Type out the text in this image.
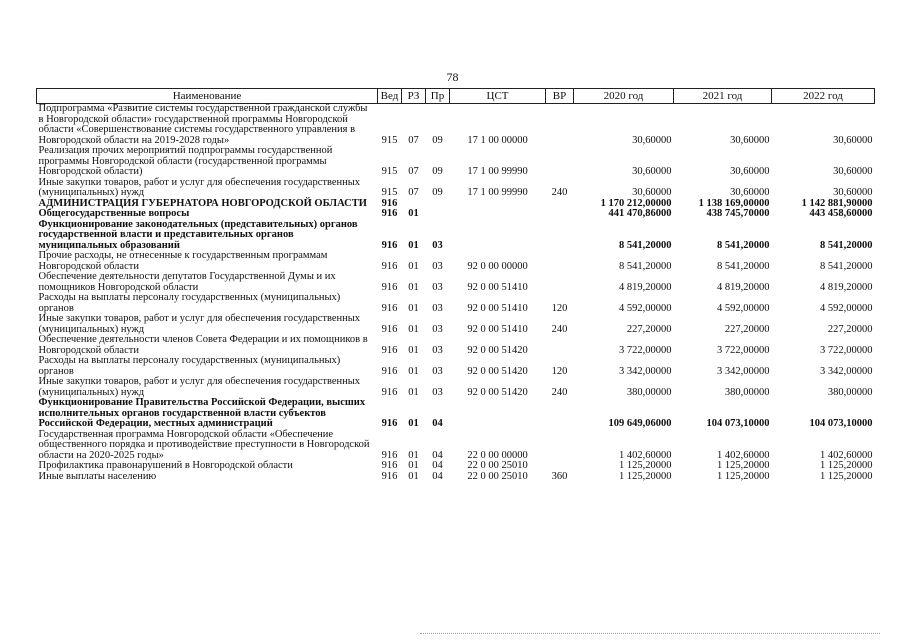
78
Наименование	Вед	РЗ	Пр	ЦСТ	ВР	2020 год	2021 год	2022 год
Подпрограмма «Развитие системы государственной гражданской службы в Новгородской области» государственной программы Новгородской области «Совершенствование системы государственного управления в Новгородской области на 2019-2028 годы»	915	07	09	17 1 00 00000		30,60000	30,60000	30,60000
Реализация прочих мероприятий подпрограммы государственной программы Новгородской области (государственной программы Новгородской области)	915	07	09	17 1 00 99990		30,60000	30,60000	30,60000
Иные закупки товаров, работ и услуг для обеспечения государственных (муниципальных) нужд	915	07	09	17 1 00 99990	240	30,60000	30,60000	30,60000
АДМИНИСТРАЦИЯ ГУБЕРНАТОРА НОВГОРОДСКОЙ ОБЛАСТИ	916					1 170 212,00000	1 138 169,00000	1 142 881,90000
Общегосударственные вопросы	916	01				441 470,86000	438 745,70000	443 458,60000
Функционирование законодательных (представительных) органов государственной власти и представительных органов муниципальных образований	916	01	03			8 541,20000	8 541,20000	8 541,20000
Прочие расходы, не отнесенные к государственным программам Новгородской области	916	01	03	92 0 00 00000		8 541,20000	8 541,20000	8 541,20000
Обеспечение деятельности депутатов Государственной Думы и их помощников Новгородской области	916	01	03	92 0 00 51410		4 819,20000	4 819,20000	4 819,20000
Расходы на выплаты персоналу государственных (муниципальных) органов	916	01	03	92 0 00 51410	120	4 592,00000	4 592,00000	4 592,00000
Иные закупки товаров, работ и услуг для обеспечения государственных (муниципальных) нужд	916	01	03	92 0 00 51410	240	227,20000	227,20000	227,20000
Обеспечение деятельности членов Совета Федерации и их помощников в Новгородской области	916	01	03	92 0 00 51420		3 722,00000	3 722,00000	3 722,00000
Расходы на выплаты персоналу государственных (муниципальных) органов	916	01	03	92 0 00 51420	120	3 342,00000	3 342,00000	3 342,00000
Иные закупки товаров, работ и услуг для обеспечения государственных (муниципальных) нужд	916	01	03	92 0 00 51420	240	380,00000	380,00000	380,00000
Функционирование Правительства Российской Федерации, высших исполнительных органов государственной власти субъектов Российской Федерации, местных администраций	916	01	04			109 649,06000	104 073,10000	104 073,10000
Государственная программа Новгородской области «Обеспечение общественного порядка и противодействие преступности в Новгородской области на 2020-2025 годы»	916	01	04	22 0 00 00000		1 402,60000	1 402,60000	1 402,60000
Профилактика правонарушений в Новгородской области	916	01	04	22 0 00 25010		1 125,20000	1 125,20000	1 125,20000
Иные выплаты населению	916	01	04	22 0 00 25010	360	1 125,20000	1 125,20000	1 125,20000
